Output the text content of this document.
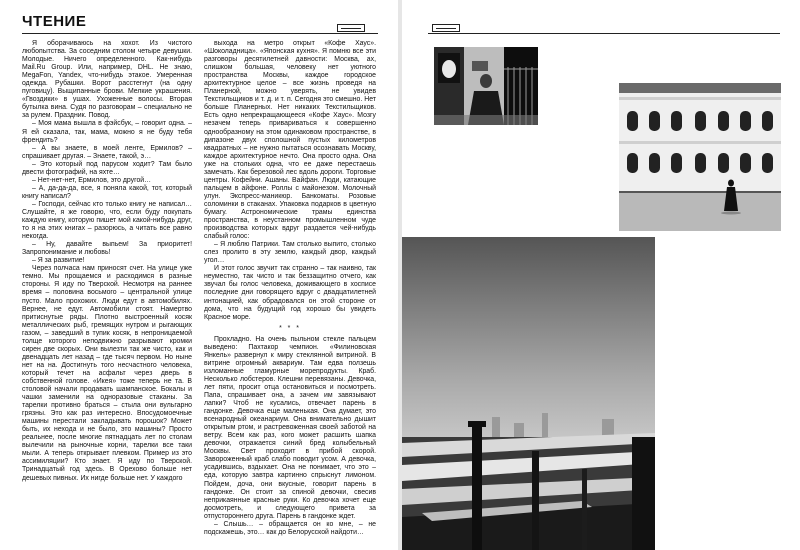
ЧТЕНИЕ

Я оборачиваюсь на хохот. Из чистого любопытства. За соседним столом четыре девушки. Молодые. Ничего определенного. Как-нибудь Mail.Ru Group. Или, например, DHL. Не знаю, MegaFon, Yandex, что-нибудь этакое. Умеренная одежда. Рубашки. Ворот расстегнут (на одну пуговицу). Выщипанные брови. Мелкие украшения. «Гвоздики» в ушах. Ухоженные волосы. Вторая бутылка вина. Судя по разговорам – специально не за рулем. Праздник. Повод.

– Моя мама вышла в фэйсбук, – говорит одна. – Я ей сказала, так, мама, можно я не буду тебя френдить?

– А вы знаете, в моей ленте, Ермилов? – спрашивает другая. – Знаете, такой, э…

– Это который под парусом ходит? Там было двести фотографий, на яхте…

– Нет-нет-нет, Ермилов, это другой…

– А, да-да-да, все, я поняла какой, тот, который книгу написал?

– Господи, сейчас кто только книгу не написал… Слушайте, я же говорю, что, если буду покупать каждую книгу, которую пишет мой какой-нибудь друг, то я на этих книгах – разорюсь, а читать все равно некогда.

– Ну, давайте выпьем! За приоритет! Запропонимание и любовь!

– Я за развитие!

Через полчаса нам приносят счет. На улице уже темно. Мы прощаемся и расходимся в разные стороны. Я иду по Тверской. Несмотря на раннее время – половина восьмого – центральной улице пусто. Мало прохожих. Люди едут в автомобилях. Вернее, не едут. Автомобили стоят. Намертво притиснутые ряды. Плотно выстроенный косяк металлических рыб, гремящих нутром и рыгающих газом, – заведший в тупик косяк, в непроницаемой толще которого неподвижно разрывают кромки сирен две скорых. Они вылезти так же чисто, как и двенадцать лет назад – где тысяч первом. Но ныне нет на на. Достигнуть того несчастного человека, который течет на асфальт через дверь в собственной голове. «Икея» тоже теперь не та. В столовой начали продавать шампанское. Бокалы и чашки заменили на одноразовые стаканы. За тарелки противно браться – стыла они вульгарно грязны. Это как раз интересно. Впосудомоечные машины перестали закладывать порошок? Может быть, их нехода и не было, это машины? Просто реальнее, после многие пятнадцать лет по столам вылечили на рыночные корни, тарелки все таки мыли. А теперь открывает плевком. Пример из это ассимиляции? Кто знает. Я иду по Тверской. Тринадцатый год здесь. В Орехово больше нет дешевых пивных. Их нигде больше нет. У каждого

выхода на метро открыт «Кофе Хаус». «Шоколадница». «Японская кухня». Я помню все эти разговоры десятилетней давности: Москва, ах, слишком большая, человеку нет уютного пространства Москвы, каждое городское архитектурное целое – все жизнь проведя на Планерной, можно уверять, не увидев Текстильщиков и т. д. и т. п. Сегодня это смешно. Нет больше Планерных. Нет никаких Текстильщиков. Есть одно непрекращающееся «Кофе Хаус». Мозгу незачем теперь привариваться к совершенно однообразному на этом одинаковом пространстве, в дипазоне двух сполошной пустых километров квадратных – не нужно пытаться осознавать Москву, каждое архитектурное нечто. Она просто одна. Она уже на стольких одна, что ее даже перестаешь замечать. Как березовой лес вдоль дороги. Торговые центры. Кофейни. Ашаны. Вайфан. Люди, катающие пальцем в айфоне. Роллы с майонезом. Молочный улун. Экспресс-маникюр. Банкоматы. Розовые соломинки в стаканах. Упаковка подарков в цветную бумагу. Астрономические трамы единства пространства, в неустанном промышленном чуде производства которых вдруг раздается чей-нибудь слабый голос:

– Я люблю Патрики. Там столько выпито, столько слез пролито в эту землю, каждый двор, каждый угол…

И этот голос звучит так странно – так наивно, так неуместно, так чисто и так беззащитно отчего, как звучал бы голос человека, доживающего в хосписе последние дни говорящего вдруг с двадцатилетней интонацией, как обрадовался он этой стороне от дома, что на будущий год хорошо бы увидеть Красное море.

* * *

Прохладно. На очень пыльном стекле пальцем выведено: Пахтакор чемпион. «Филиновская Янкель» развернул к миру стеклянной витриной. В витрине огромный аквариум. Там едва ползешь изломанные гламурные морепродукты. Краб. Несколько лобстеров. Клешни перевязаны. Девочка, лет пяти, просит отца остановиться и посмотреть. Папа, спрашивает она, а зачем им завязывают лапки? Чтоб не кусались, отвечает парень в гандонке. Девочка еще маленькая. Она думает, это всенародный океанариум. Она внимательно дышит открытым ртом, и растревоженная своей заботой на ветру. Всем как раз, кого может расшить шапка девочки, отражается синий бред колыбельный Москвы. Свет проходит в прибой скорой. Завороженный краб слабо поводит усом. А девочка, усадившись, вздыхает. Она не понимает, что это – еда, которую завтра картинно спрыснут лимоном. Пойдем, доча, они вкусные, говорит парень в гандонке. Он стоит за спиной девочки, свесив неприкаянные красные руки. Ко девочка хочет еще досмотреть, и следующего привета за отпустороннего друга. Парень в гандонке ждет.

– Слышь… – обращается он ко мне, – не подскажешь, это… как до Белорусской найдоти…
